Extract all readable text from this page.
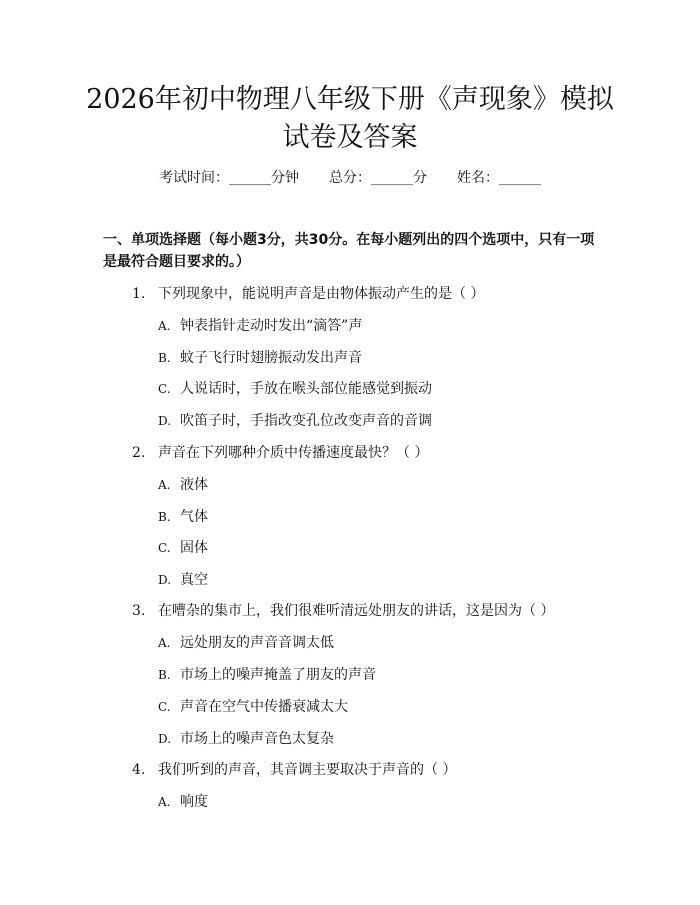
2026年初中物理八年级下册《声现象》模拟
试卷及答案
考试时间：______分钟 总分：______分 姓名：______
一、单项选择题（每小题3分，共30分。在每小题列出的四个选项中，只有一项
是最符合题目要求的。）
1. 下列现象中，能说明声音是由物体振动产生的是（ ）
A. 钟表指针走动时发出“滴答”声
B. 蚊子飞行时翅膀振动发出声音
C. 人说话时，手放在喉头部位能感觉到振动
D. 吹笛子时，手指改变孔位改变声音的音调
2. 声音在下列哪种介质中传播速度最快？（ ）
A. 液体
B. 气体
C. 固体
D. 真空
3. 在嘈杂的集市上，我们很难听清远处朋友的讲话，这是因为（ ）
A. 远处朋友的声音音调太低
B. 市场上的噪声掩盖了朋友的声音
C. 声音在空气中传播衰减太大
D. 市场上的噪声音色太复杂
4. 我们听到的声音，其音调主要取决于声音的（ ）
A. 响度
